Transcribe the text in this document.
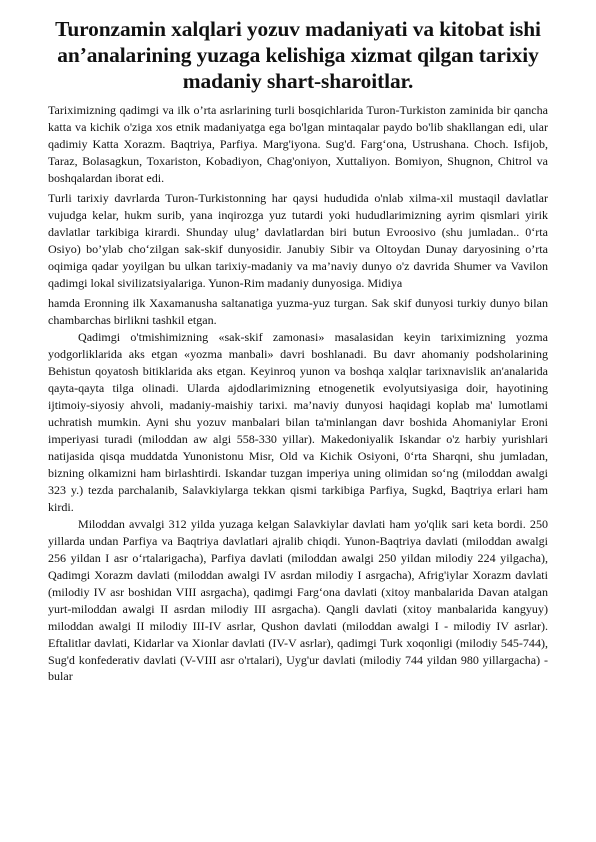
Turonzamin xalqlari yozuv madaniyati va kitobat ishi an’analarining yuzaga kelishiga xizmat qilgan tarixiy madaniy shart-sharoitlar.

Tariximizning qadimgi va ilk o’rta asrlarining turli bosqichlarida Turon-Turkiston zaminida bir qancha katta va kichik o'ziga xos etnik madaniyatga ega bo'lgan mintaqalar paydo bo'lib shakllangan edi, ular qadimiy Katta Xorazm. Baqtriya, Parfiya. Marg'iyona. Sug'd. Farg‘ona, Ustrushana. Choch. Isfijob, Taraz, Bolasagkun, Toxariston, Kobadiyon, Chag'oniyon, Xuttaliyon. Bomiyon, Shugnon, Chitrol va boshqalardan iborat edi.

Turli tarixiy davrlarda Turon-Turkistonning har qaysi hududida o'nlab xilma-xil mustaqil davlatlar vujudga kelar, hukm surib, yana inqirozga yuz tutardi yoki hududlarimizning ayrim qismlari yirik davlatlar tarkibiga kirardi. Shunday ulug’ davlatlardan biri butun Evroosivo (shu jumladan.. 0‘rta Osiyo) bo’ylab cho‘zilgan sak-skif dunyosidir. Janubiy Sibir va Oltoydan Dunay daryosining o’rta oqimiga qadar yoyilgan bu ulkan tarixiy-madaniy va ma’naviy dunyo o'z davrida Shumer va Vavilon qadimgi lokal sivilizatsiyalariga. Yunon-Rim madaniy dunyosiga. Midiya

hamda Eronning ilk Xaxamanusha saltanatiga yuzma-yuz turgan. Sak skif dunyosi turkiy dunyo bilan chambarchas birlikni tashkil etgan.

Qadimgi o'tmishimizning «sak-skif zamonasi» masalasidan keyin tariximizning yozma yodgorliklarida aks etgan «yozma manbali» davri boshlanadi. Bu davr ahomaniy podsholarining Behistun qoyatosh bitiklarida aks etgan. Keyinroq yunon va boshqa xalqlar tarixnavislik an'analarida qayta-qayta tilga olinadi. Ularda ajdodlarimizning etnogenetik evolyutsiyasiga doir, hayotining ijtimoiy-siyosiy ahvoli, madaniy-maishiy tarixi. ma’naviy dunyosi haqidagi koplab ma' lumotlami uchratish mumkin. Ayni shu yozuv manbalari bilan ta'minlangan davr boshida Ahomaniylar Eroni imperiyasi turadi (miloddan aw algi 558-330 yillar). Makedoniyalik Iskandar o'z harbiy yurishlari natijasida qisqa muddatda Yunonistonu Misr, Old va Kichik Osiyoni, 0‘rta Sharqni, shu jumladan, bizning olkamizni ham birlashtirdi. Iskandar tuzgan imperiya uning olimidan so‘ng (miloddan awalgi 323 y.) tezda parchalanib, Salavkiylarga tekkan qismi tarkibiga Parfiya, Sugkd, Baqtriya erlari ham kirdi.

Miloddan avvalgi 312 yilda yuzaga kelgan Salavkiylar davlati ham yo'qlik sari keta bordi. 250 yillarda undan Parfiya va Baqtriya davlatlari ajralib chiqdi. Yunon-Baqtriya davlati (miloddan awalgi 256 yildan I asr o‘rtalarigacha), Parfiya davlati (miloddan awalgi 250 yildan milodiy 224 yilgacha), Qadimgi Xorazm davlati (miloddan awalgi IV asrdan milodiy I asrgacha), Afrig'iylar Xorazm davlati (milodiy IV asr boshidan VIII asrgacha), qadimgi Farg‘ona davlati (xitoy manbalarida Davan atalgan yurt-miloddan awalgi II asrdan milodiy III asrgacha). Qangli davlati (xitoy manbalarida kangyuy) miloddan awalgi II milodiy III-IV asrlar, Qushon davlati (miloddan awalgi I - milodiy IV asrlar). Eftalitlar davlati, Kidarlar va Xionlar davlati (IV-V asrlar), qadimgi Turk xoqonligi (milodiy 545-744), Sug'd konfederativ davlati (V-VIII asr o'rtalari), Uyg'ur davlati (milodiy 744 yildan 980 yillargacha) - bular
